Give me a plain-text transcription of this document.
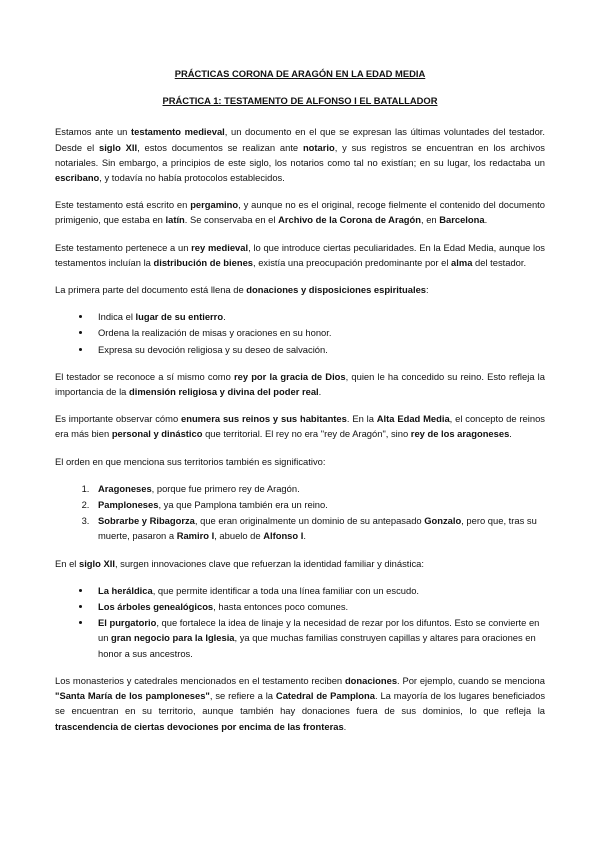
PRÁCTICAS CORONA DE ARAGÓN EN LA EDAD MEDIA
PRÁCTICA 1: TESTAMENTO DE ALFONSO I EL BATALLADOR

Estamos ante un testamento medieval, un documento en el que se expresan las últimas voluntades del testador. Desde el siglo XII, estos documentos se realizan ante notario, y sus registros se encuentran en los archivos notariales. Sin embargo, a principios de este siglo, los notarios como tal no existían; en su lugar, los redactaba un escribano, y todavía no había protocolos establecidos.

Este testamento está escrito en pergamino, y aunque no es el original, recoge fielmente el contenido del documento primigenio, que estaba en latín. Se conservaba en el Archivo de la Corona de Aragón, en Barcelona.

Este testamento pertenece a un rey medieval, lo que introduce ciertas peculiaridades. En la Edad Media, aunque los testamentos incluían la distribución de bienes, existía una preocupación predominante por el alma del testador.

La primera parte del documento está llena de donaciones y disposiciones espirituales:

• Indica el lugar de su entierro.
• Ordena la realización de misas y oraciones en su honor.
• Expresa su devoción religiosa y su deseo de salvación.

El testador se reconoce a sí mismo como rey por la gracia de Dios, quien le ha concedido su reino. Esto refleja la importancia de la dimensión religiosa y divina del poder real.

Es importante observar cómo enumera sus reinos y sus habitantes. En la Alta Edad Media, el concepto de reinos era más bien personal y dinástico que territorial. El rey no era "rey de Aragón", sino rey de los aragoneses.

El orden en que menciona sus territorios también es significativo:

1. Aragoneses, porque fue primero rey de Aragón.
2. Pamploneses, ya que Pamplona también era un reino.
3. Sobrarbe y Ribagorza, que eran originalmente un dominio de su antepasado Gonzalo, pero que, tras su muerte, pasaron a Ramiro I, abuelo de Alfonso I.

En el siglo XII, surgen innovaciones clave que refuerzan la identidad familiar y dinástica:

• La heráldica, que permite identificar a toda una línea familiar con un escudo.
• Los árboles genealógicos, hasta entonces poco comunes.
• El purgatorio, que fortalece la idea de linaje y la necesidad de rezar por los difuntos. Esto se convierte en un gran negocio para la Iglesia, ya que muchas familias construyen capillas y altares para oraciones en honor a sus ancestros.

Los monasterios y catedrales mencionados en el testamento reciben donaciones. Por ejemplo, cuando se menciona "Santa María de los pamploneses", se refiere a la Catedral de Pamplona. La mayoría de los lugares beneficiados se encuentran en su territorio, aunque también hay donaciones fuera de sus dominios, lo que refleja la trascendencia de ciertas devociones por encima de las fronteras.
